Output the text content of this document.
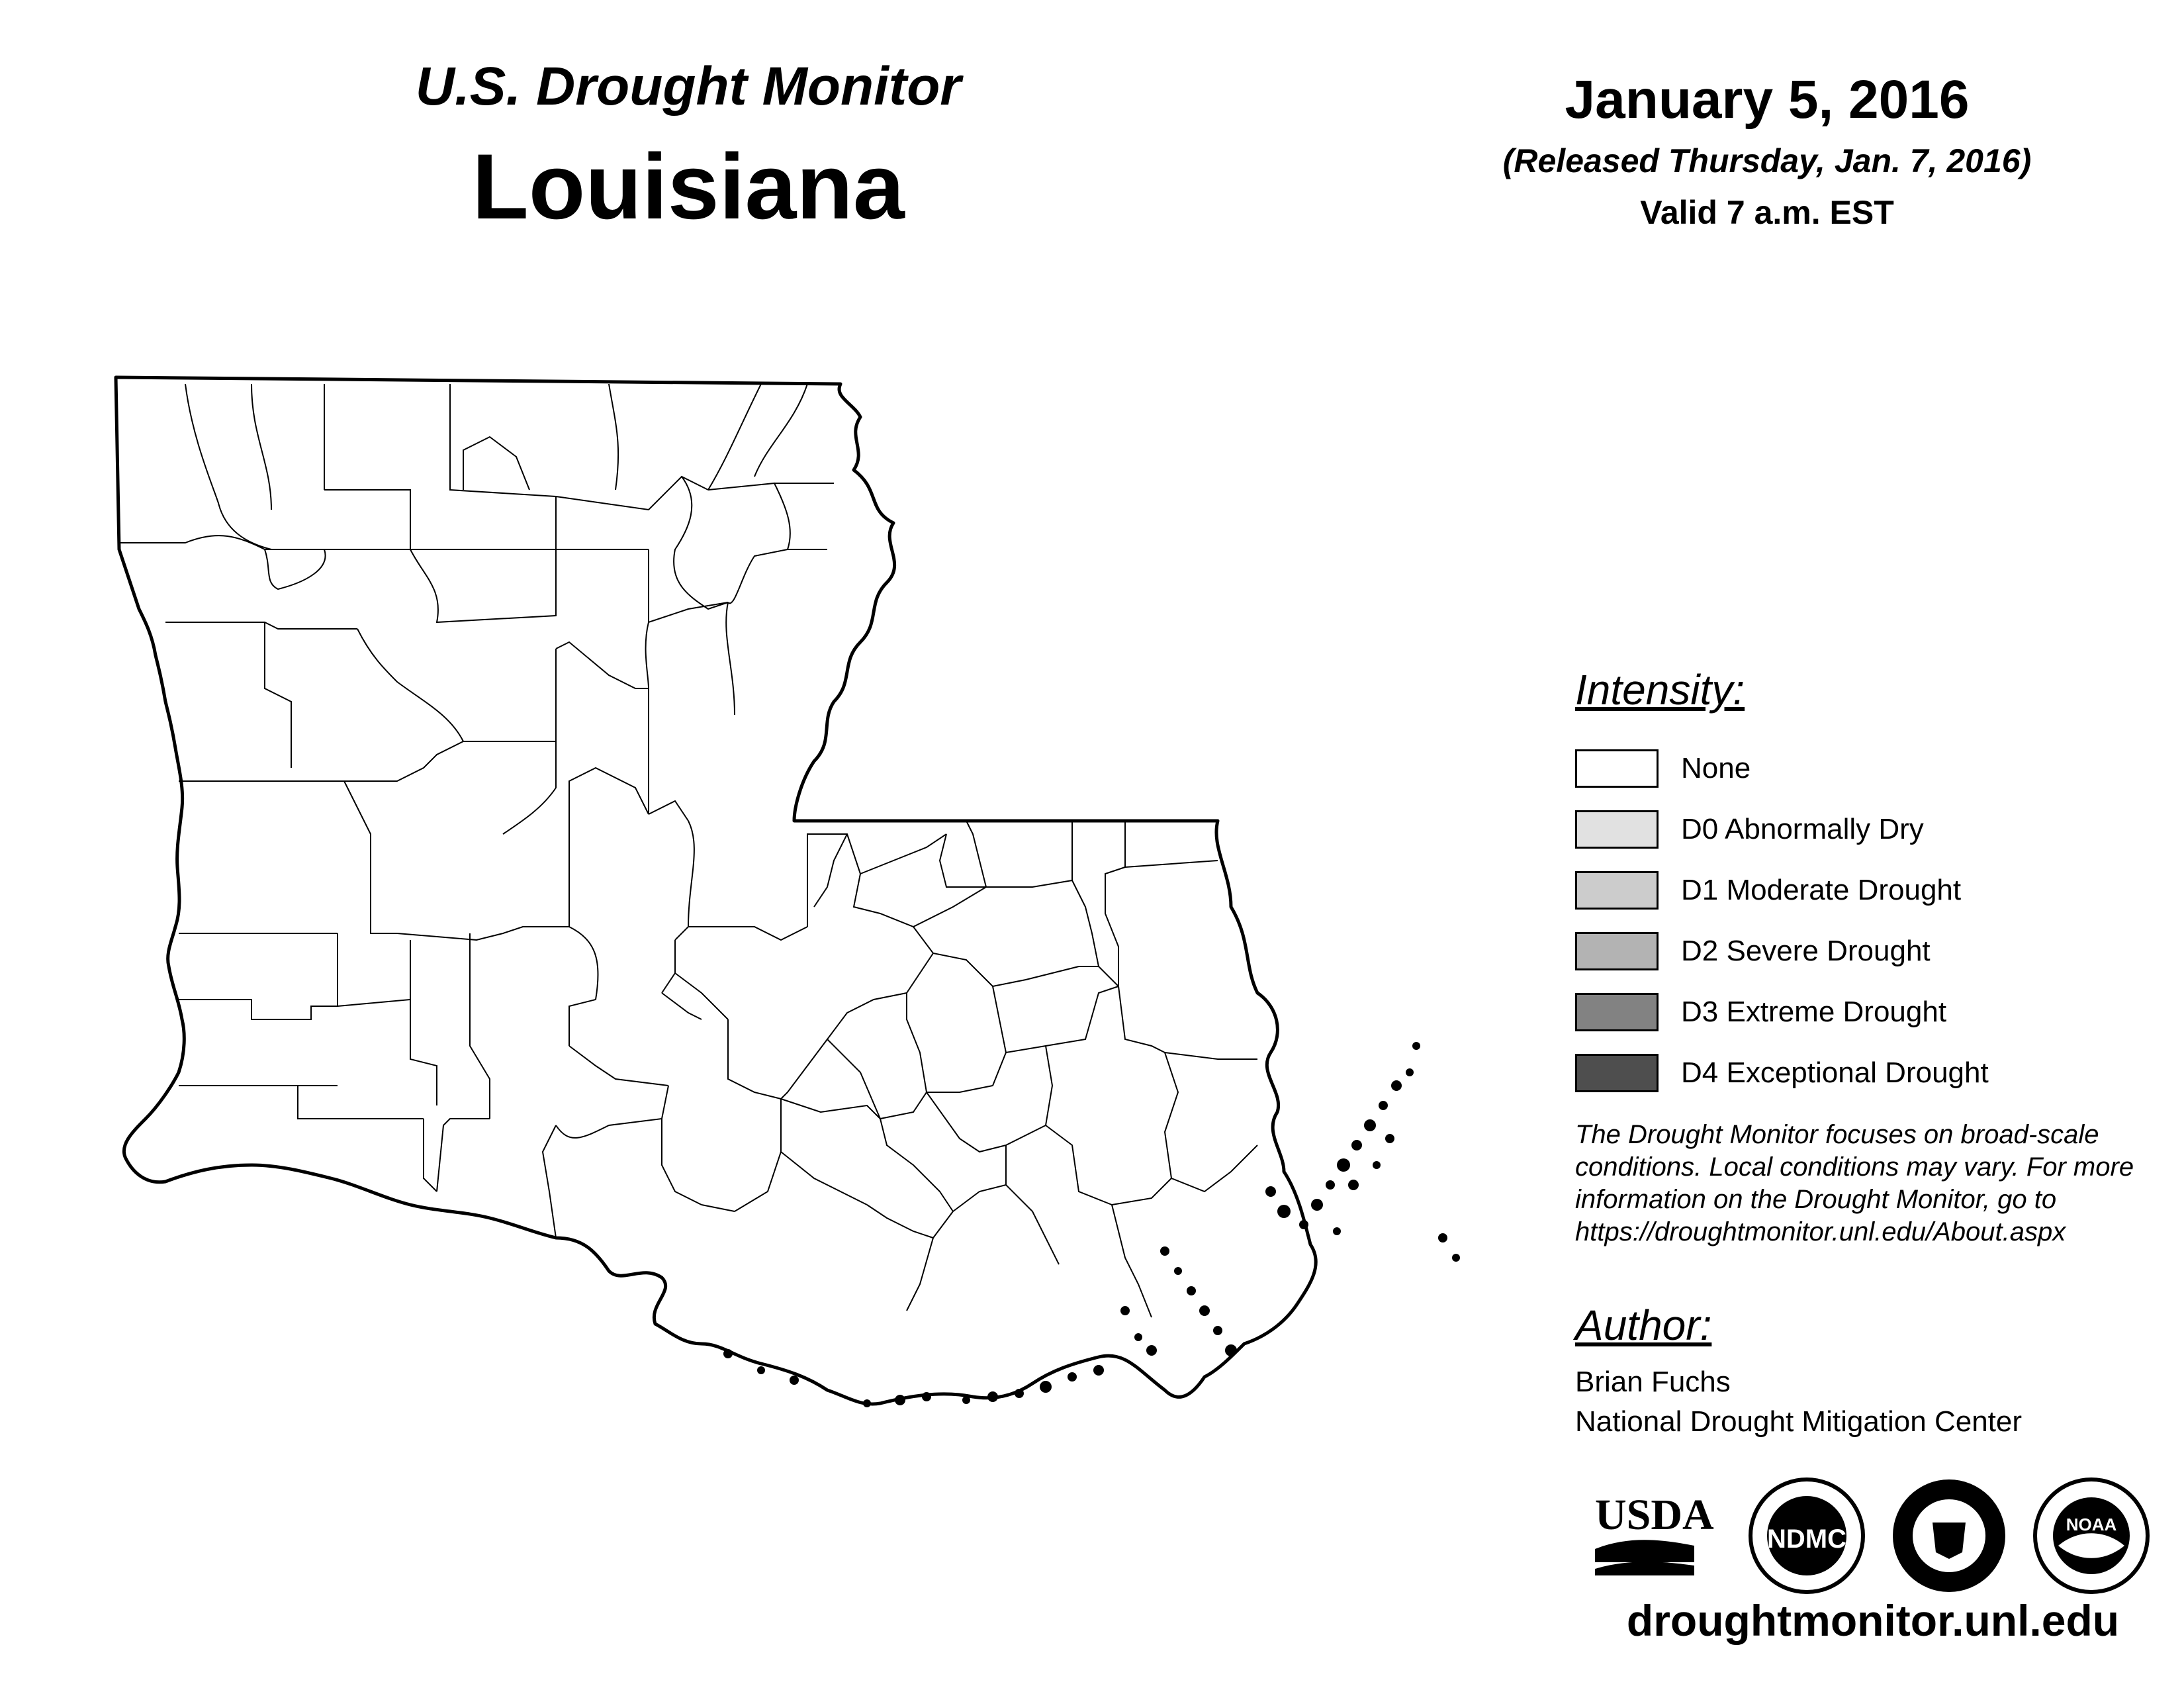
U.S. Drought Monitor
Louisiana
January 5, 2016
(Released Thursday, Jan. 7, 2016)
Valid 7 a.m. EST
Intensity:
None
D0 Abnormally Dry
D1 Moderate Drought
D2 Severe Drought
D3 Extreme Drought
D4 Exceptional Drought
The Drought Monitor focuses on broad-scale conditions. Local conditions may vary. For more information on the Drought Monitor, go to https://droughtmonitor.unl.edu/About.aspx
Author:
Brian Fuchs
National Drought Mitigation Center
USDA NDMC	NOAA
droughtmonitor.unl.edu
